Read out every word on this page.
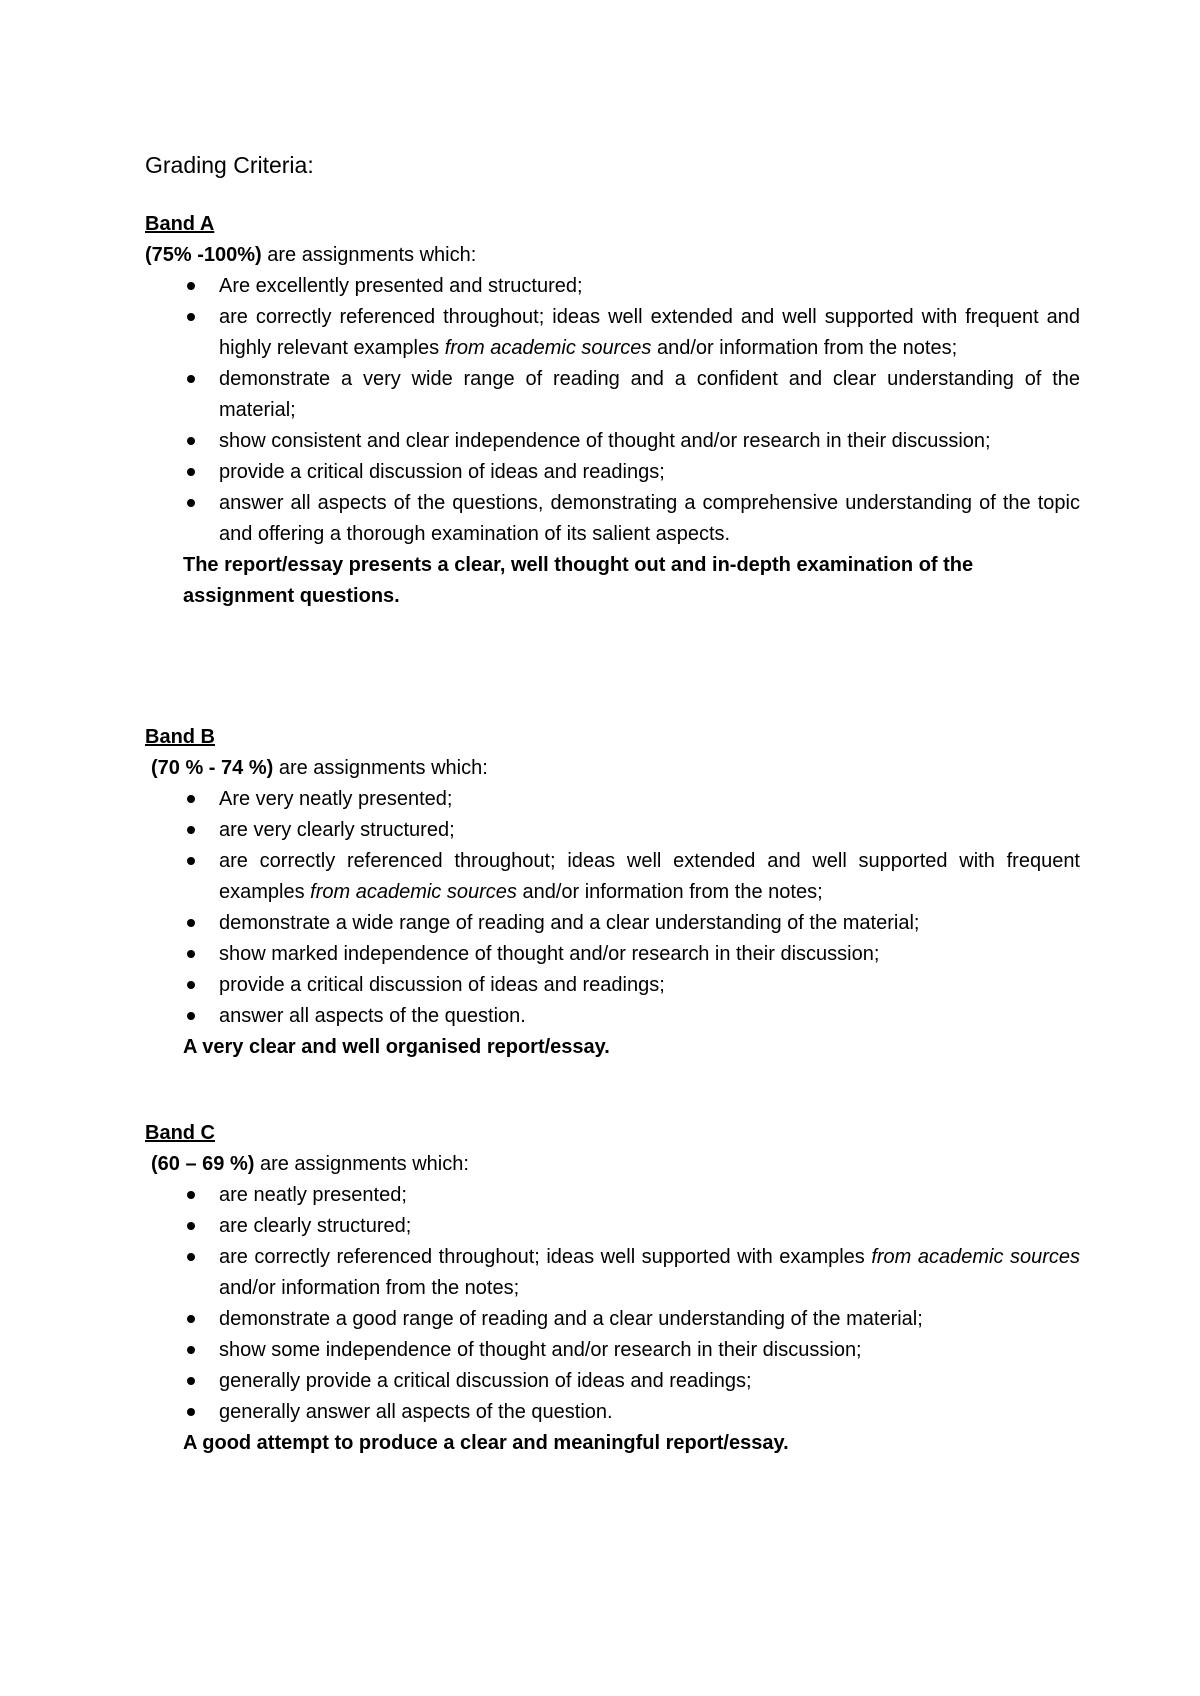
Grading Criteria:
Band A
(75% -100%) are assignments which:
Are excellently presented and structured;
are correctly referenced throughout; ideas well extended and well supported with frequent and highly relevant examples from academic sources and/or information from the notes;
demonstrate a very wide range of reading and a confident and clear understanding of the material;
show consistent and clear independence of thought and/or research in their discussion;
provide a critical discussion of ideas and readings;
answer all aspects of the questions, demonstrating a comprehensive understanding of the topic and offering a thorough examination of its salient aspects.

The report/essay presents a clear, well thought out and in-depth examination of the assignment questions.

Band B
(70 % - 74 %) are assignments which:
Are very neatly presented;
are very clearly structured;
are correctly referenced throughout; ideas well extended and well supported with frequent examples from academic sources and/or information from the notes;
demonstrate a wide range of reading and a clear understanding of the material;
show marked independence of thought and/or research in their discussion;
provide a critical discussion of ideas and readings;
answer all aspects of the question.

A very clear and well organised report/essay.

Band C
(60 – 69 %) are assignments which:
are neatly presented;
are clearly structured;
are correctly referenced throughout; ideas well supported with examples from academic sources and/or information from the notes;
demonstrate a good range of reading and a clear understanding of the material;
show some independence of thought and/or research in their discussion;
generally provide a critical discussion of ideas and readings;
generally answer all aspects of the question.

A good attempt to produce a clear and meaningful report/essay.
